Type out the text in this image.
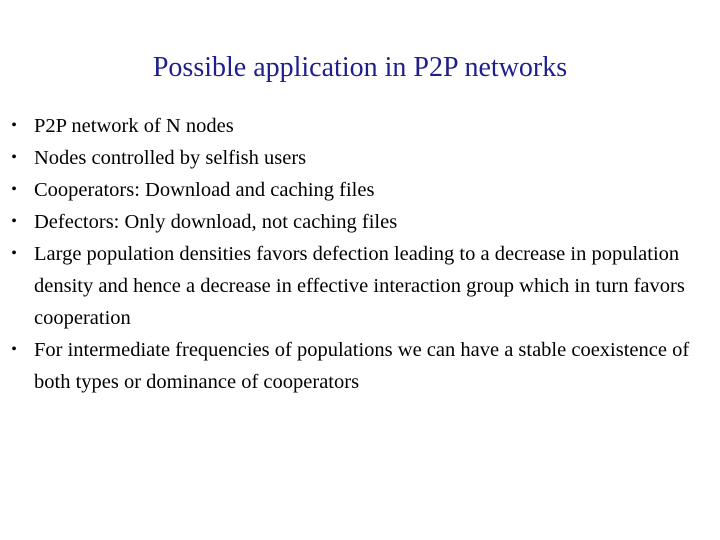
Possible application in P2P networks
• P2P network of N nodes
• Nodes controlled by selfish users
• Cooperators: Download and caching files
• Defectors: Only download, not caching files
• Large population densities favors defection leading to a decrease in population density and hence a decrease in effective interaction group which in turn favors cooperation
• For intermediate frequencies of populations we can have a stable coexistence of both types or dominance of cooperators
